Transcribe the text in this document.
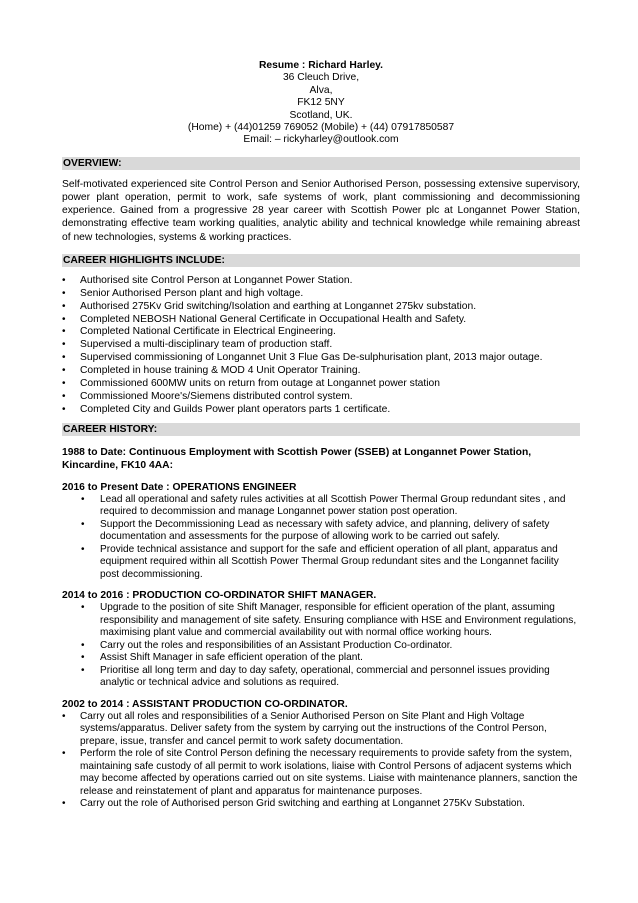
Resume : Richard Harley.
36 Cleuch Drive,
Alva,
FK12 5NY
Scotland, UK.
(Home) + (44)01259 769052 (Mobile) + (44) 07917850587
Email: – rickyharley@outlook.com
OVERVIEW:
Self-motivated experienced site Control Person and Senior Authorised Person, possessing extensive supervisory, power plant operation, permit to work, safe systems of work, plant commissioning and decommissioning experience. Gained from a progressive 28 year career with Scottish Power plc at Longannet Power Station, demonstrating effective team working qualities, analytic ability and technical knowledge while remaining abreast of new technologies, systems & working practices.
CAREER HIGHLIGHTS INCLUDE:
• Authorised site Control Person at Longannet Power Station.
• Senior Authorised Person plant and high voltage.
• Authorised 275Kv Grid switching/Isolation and earthing at Longannet 275kv substation.
• Completed NEBOSH National General Certificate in Occupational Health and Safety.
• Completed National Certificate in Electrical Engineering.
• Supervised a multi-disciplinary team of production staff.
• Supervised commissioning of Longannet Unit 3 Flue Gas De-sulphurisation plant, 2013 major outage.
• Completed in house training & MOD 4 Unit Operator Training.
• Commissioned 600MW units on return from outage at Longannet power station
• Commissioned Moore's/Siemens distributed control system.
• Completed City and Guilds Power plant operators parts 1 certificate.
CAREER HISTORY:
1988 to Date: Continuous Employment with Scottish Power (SSEB) at Longannet Power Station, Kincardine, FK10 4AA:
2016 to Present Date : OPERATIONS ENGINEER
• Lead all operational and safety rules activities at all Scottish Power Thermal Group redundant sites , and required to decommission and manage Longannet power station post operation.
• Support the Decommissioning Lead as necessary with safety advice, and planning, delivery of safety documentation and assessments for the purpose of allowing work to be carried out safely.
• Provide technical assistance and support for the safe and efficient operation of all plant, apparatus and equipment required within all Scottish Power Thermal Group redundant sites and the Longannet facility post decommissioning.
2014 to 2016 : PRODUCTION CO-ORDINATOR SHIFT MANAGER.
• Upgrade to the position of site Shift Manager, responsible for efficient operation of the plant, assuming responsibility and management of site safety. Ensuring compliance with HSE and Environment regulations, maximising plant value and commercial availability out with normal office working hours.
• Carry out the roles and responsibilities of an Assistant Production Co-ordinator.
• Assist Shift Manager in safe efficient operation of the plant.
• Prioritise all long term and day to day safety, operational, commercial and personnel issues providing analytic or technical advice and solutions as required.
2002 to 2014 : ASSISTANT PRODUCTION CO-ORDINATOR.
• Carry out all roles and responsibilities of a Senior Authorised Person on Site Plant and High Voltage systems/apparatus. Deliver safety from the system by carrying out the instructions of the Control Person, prepare, issue, transfer and cancel permit to work safety documentation.
• Perform the role of site Control Person defining the necessary requirements to provide safety from the system, maintaining safe custody of all permit to work isolations, liaise with Control Persons of adjacent systems which may become affected by operations carried out on site systems. Liaise with maintenance planners, sanction the release and reinstatement of plant and apparatus for maintenance purposes.
• Carry out the role of Authorised person Grid switching and earthing at Longannet 275Kv Substation.
